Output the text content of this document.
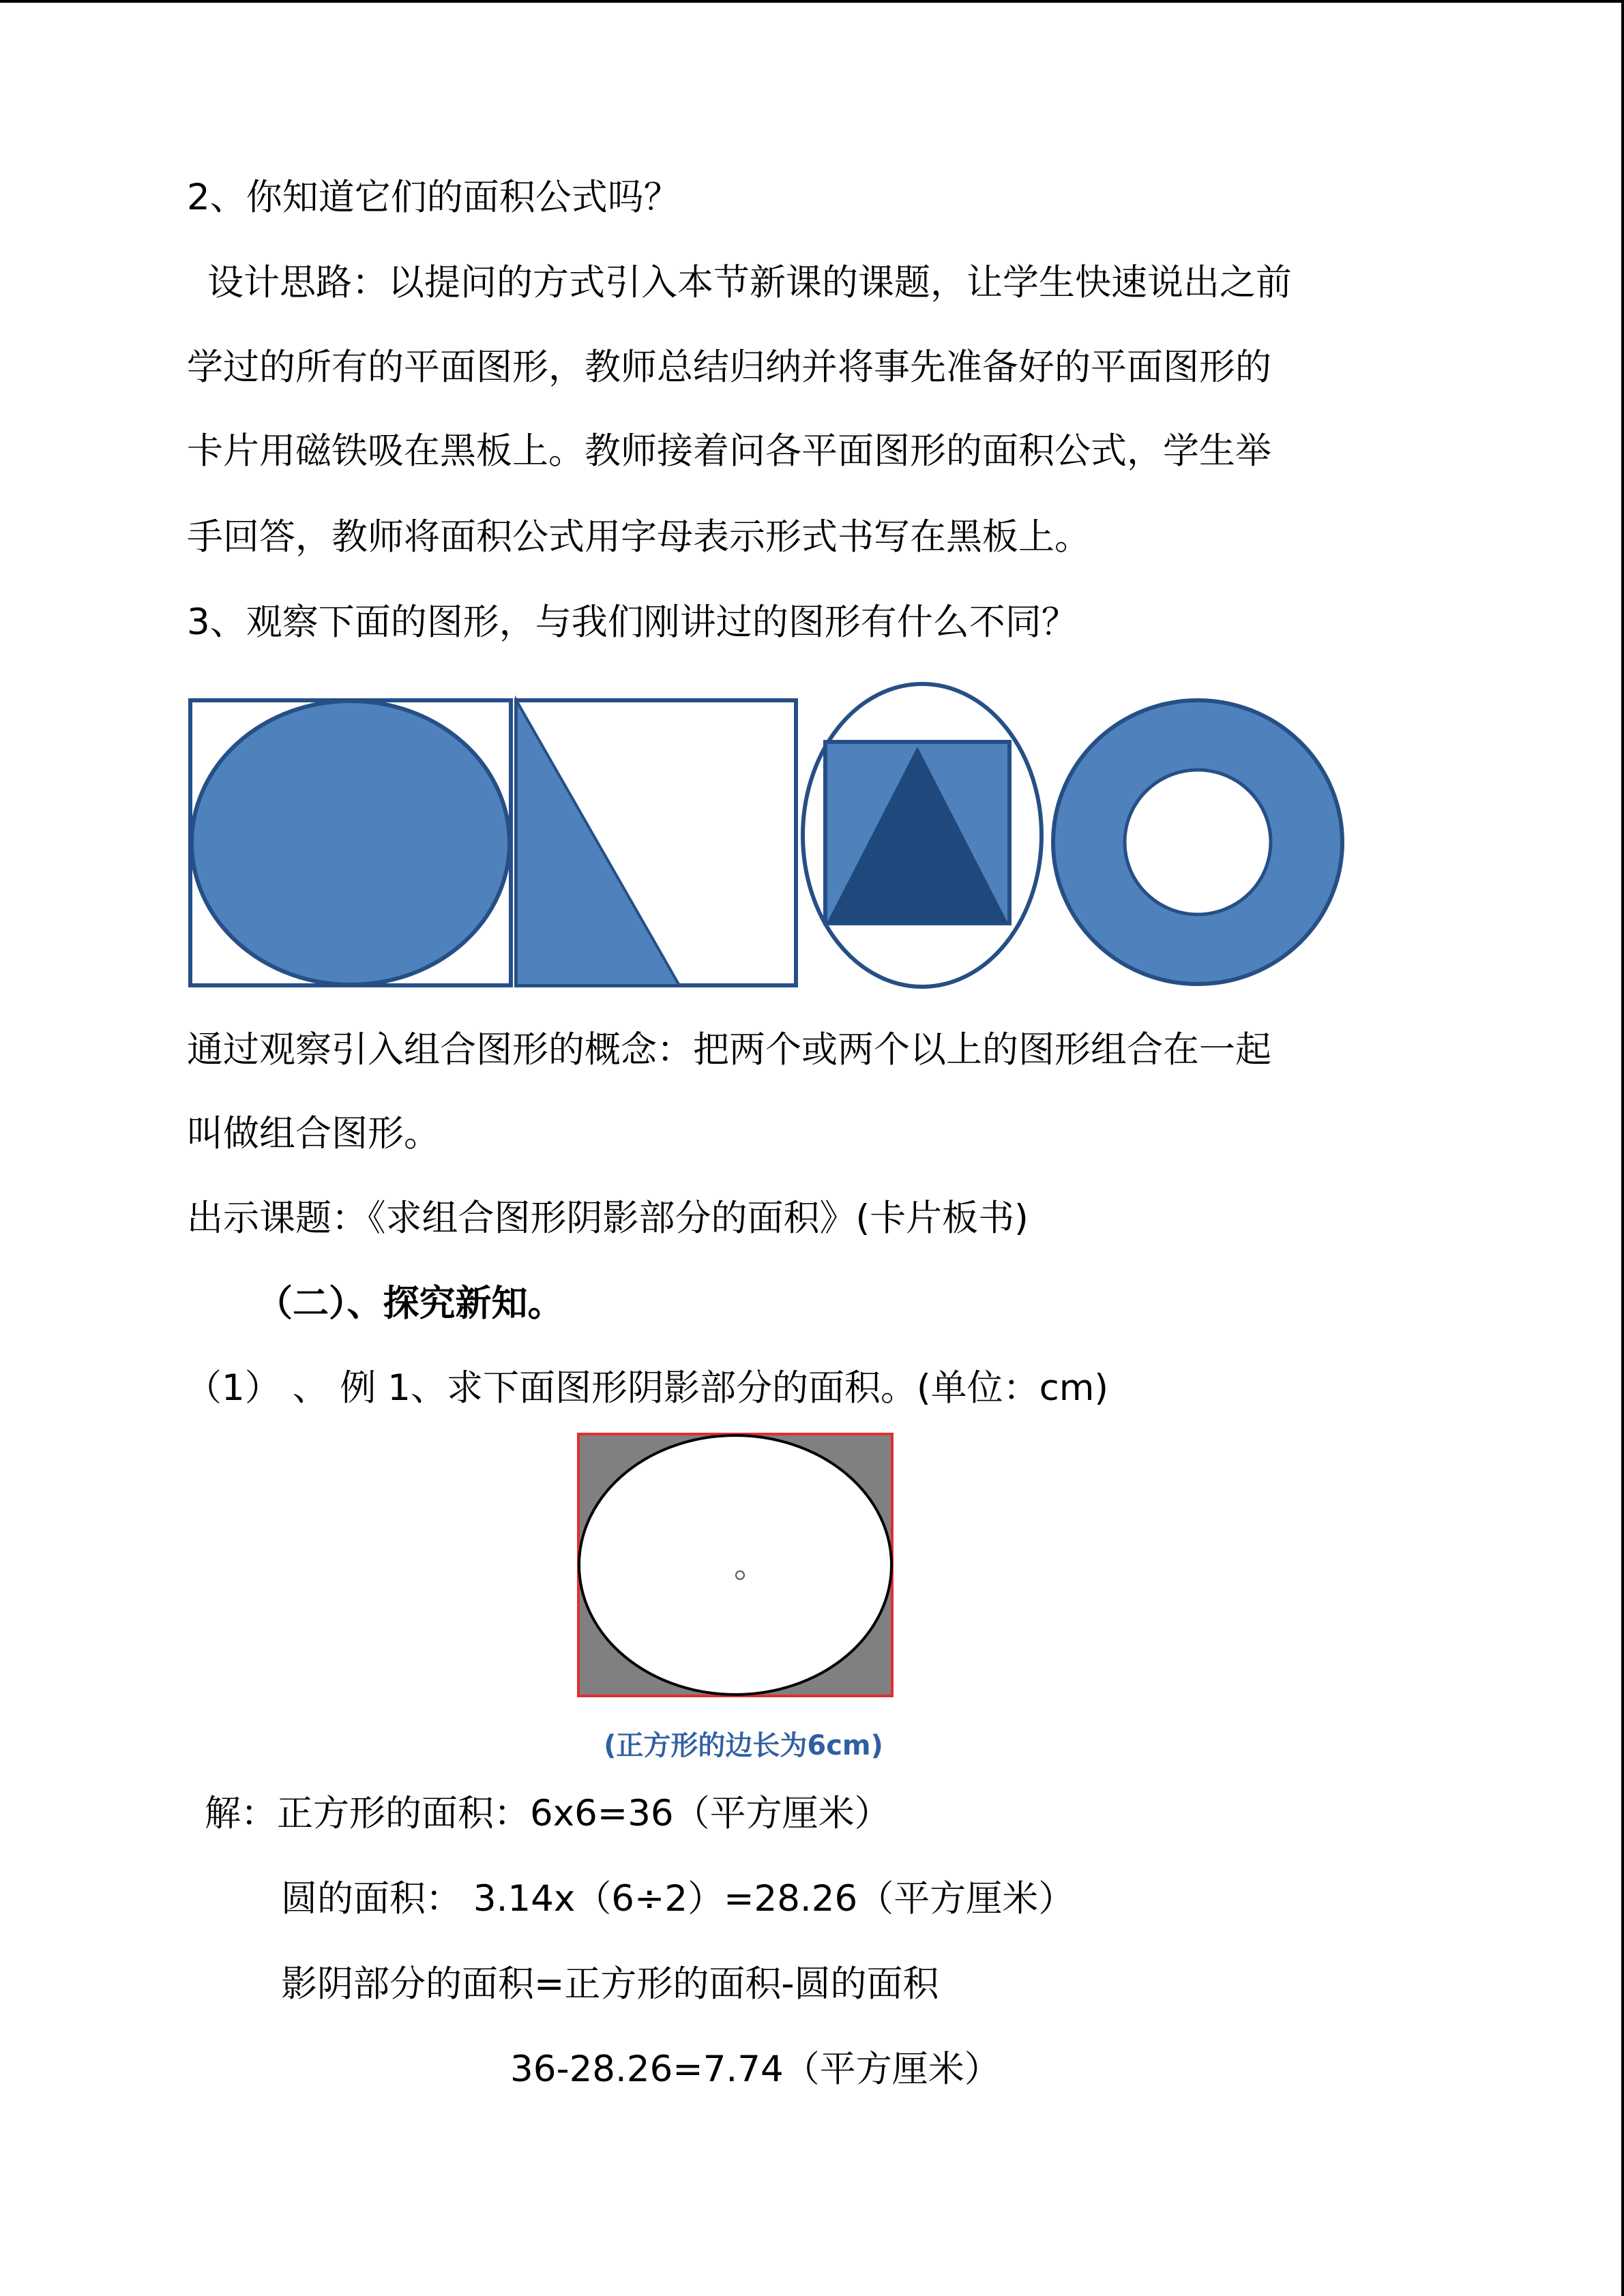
2、你知道它们的面积公式吗？
设计思路：以提问的方式引入本节新课的课题，让学生快速说出之前
学过的所有的平面图形，教师总结归纳并将事先准备好的平面图形的
卡片用磁铁吸在黑板上。教师接着问各平面图形的面积公式，学生举
手回答，教师将面积公式用字母表示形式书写在黑板上。
3、观察下面的图形，与我们刚讲过的图形有什么不同？
通过观察引入组合图形的概念：把两个或两个以上的图形组合在一起
叫做组合图形。
出示课题：《求组合图形阴影部分的面积》(卡片板书)
（二）、探究新知。
（1） 、 例 1、求下面图形阴影部分的面积。(单位：cm)
(正方形的边长为6cm)
解：正方形的面积：6x6=36（平方厘米）
圆的面积： 3.14x（6÷2）=28.26（平方厘米）
影阴部分的面积=正方形的面积-圆的面积
36-28.26=7.74（平方厘米）
